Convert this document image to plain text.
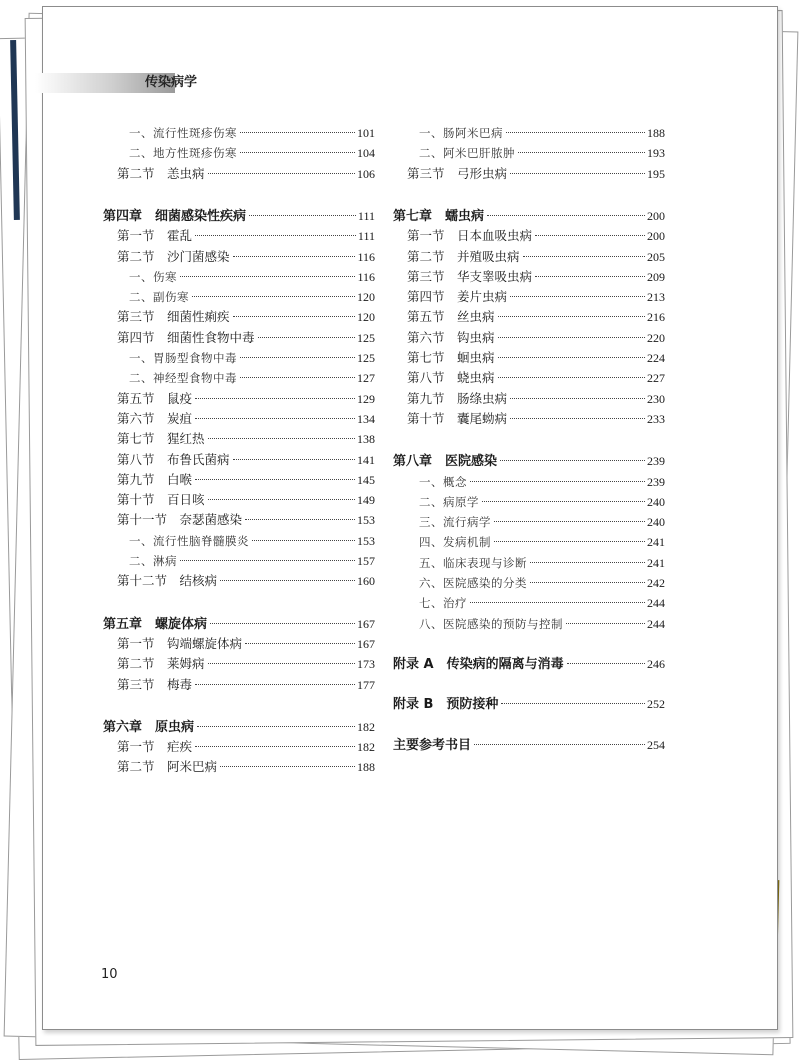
传染病学
一、流行性斑疹伤寒	101
二、地方性斑疹伤寒	104
第二节　恙虫病	106
第四章　细菌感染性疾病	111
第一节　霍乱	111
第二节　沙门菌感染	116
一、伤寒	116
二、副伤寒	120
第三节　细菌性痢疾	120
第四节　细菌性食物中毒	125
一、胃肠型食物中毒	125
二、神经型食物中毒	127
第五节　鼠疫	129
第六节　炭疽	134
第七节　猩红热	138
第八节　布鲁氏菌病	141
第九节　白喉	145
第十节　百日咳	149
第十一节　奈瑟菌感染	153
一、流行性脑脊髓膜炎	153
二、淋病	157
第十二节　结核病	160
第五章　螺旋体病	167
第一节　钩端螺旋体病	167
第二节　莱姆病	173
第三节　梅毒	177
第六章　原虫病	182
第一节　疟疾	182
第二节　阿米巴病	188
一、肠阿米巴病	188
二、阿米巴肝脓肿	193
第三节　弓形虫病	195
第七章　蠕虫病	200
第一节　日本血吸虫病	200
第二节　并殖吸虫病	205
第三节　华支睾吸虫病	209
第四节　姜片虫病	213
第五节　丝虫病	216
第六节　钩虫病	220
第七节　蛔虫病	224
第八节　蛲虫病	227
第九节　肠绦虫病	230
第十节　囊尾蚴病	233
第八章　医院感染	239
一、概念	239
二、病原学	240
三、流行病学	240
四、发病机制	241
五、临床表现与诊断	241
六、医院感染的分类	242
七、治疗	244
八、医院感染的预防与控制	244
附录 A　传染病的隔离与消毒	246
附录 B　预防接种	252
主要参考书目	254
10
